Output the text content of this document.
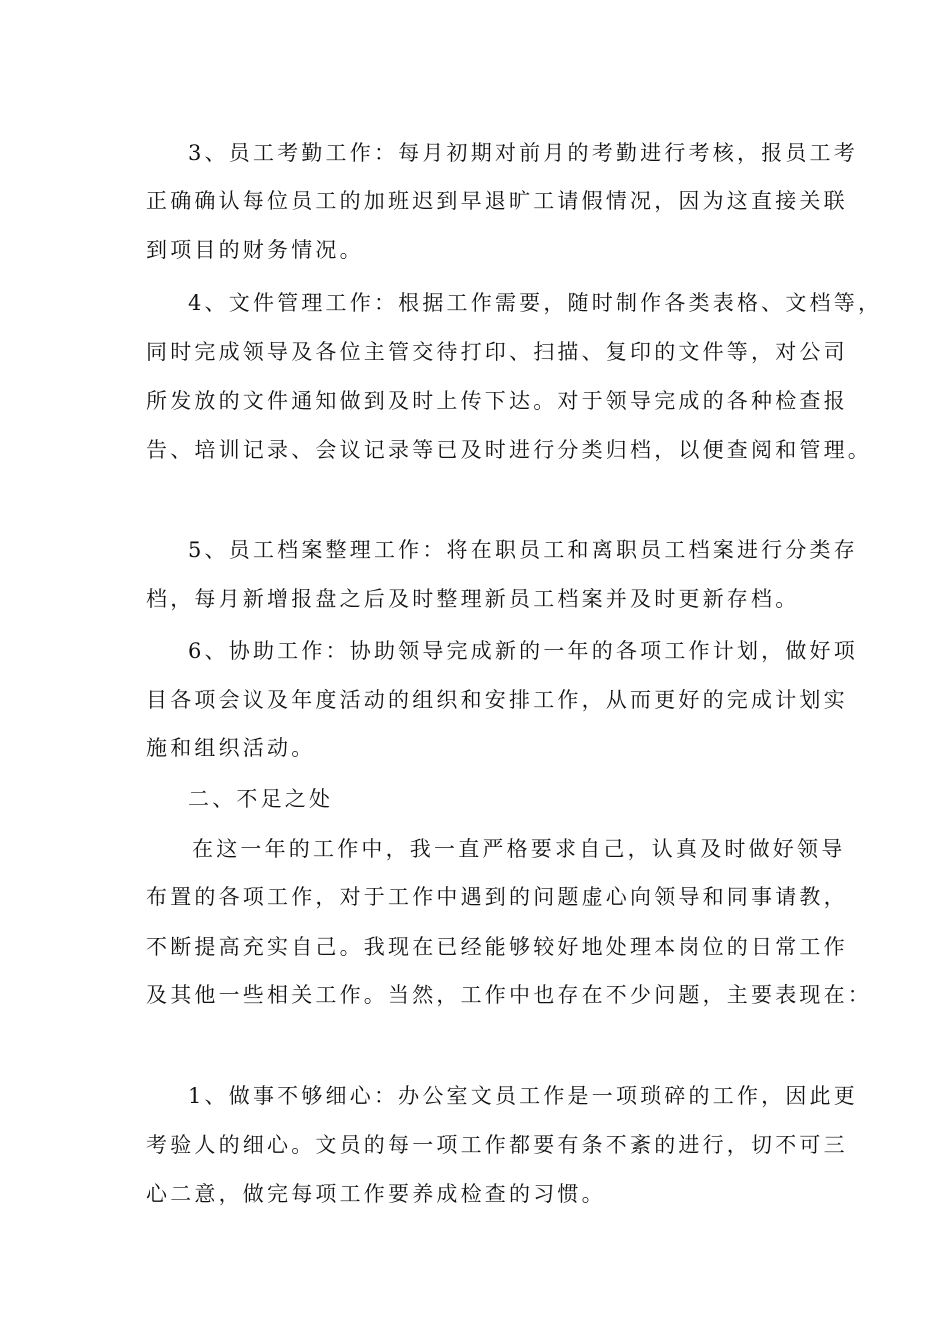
3、员工考勤工作：每月初期对前月的考勤进行考核，报员工考

正确确认每位员工的加班迟到早退旷工请假情况，因为这直接关联

到项目的财务情况。

4、文件管理工作：根据工作需要，随时制作各类表格、文档等，

同时完成领导及各位主管交待打印、扫描、复印的文件等，对公司

所发放的文件通知做到及时上传下达。对于领导完成的各种检查报

告、培训记录、会议记录等已及时进行分类归档，以便查阅和管理。

5、员工档案整理工作：将在职员工和离职员工档案进行分类存

档，每月新增报盘之后及时整理新员工档案并及时更新存档。

6、协助工作：协助领导完成新的一年的各项工作计划，做好项

目各项会议及年度活动的组织和安排工作，从而更好的完成计划实

施和组织活动。

二、不足之处

在这一年的工作中，我一直严格要求自己，认真及时做好领导

布置的各项工作，对于工作中遇到的问题虚心向领导和同事请教，

不断提高充实自己。我现在已经能够较好地处理本岗位的日常工作

及其他一些相关工作。当然，工作中也存在不少问题，主要表现在：

1、做事不够细心：办公室文员工作是一项琐碎的工作，因此更

考验人的细心。文员的每一项工作都要有条不紊的进行，切不可三

心二意，做完每项工作要养成检查的习惯。
